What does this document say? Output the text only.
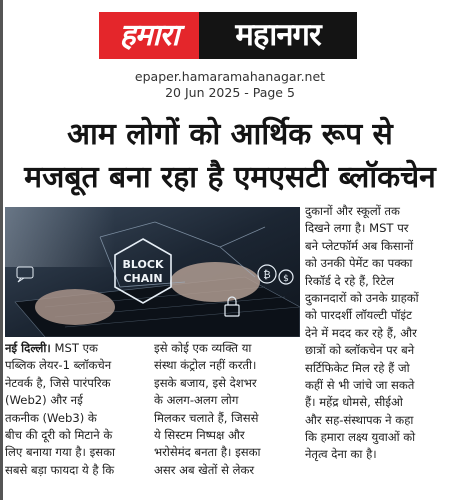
हमारा	महानगर
epaper.hamaramahanagar.net
20 Jun 2025 - Page 5
आम लोगों को आर्थिक रूप से
मजबूत बना रहा है एमएसटी ब्लॉकचेन
BLOCK
CHAIN	₿ $
नई दिल्ली। MST एक
पब्लिक लेयर-1 ब्लॉकचेन
नेटवर्क है, जिसे पारंपरिक
(Web2) और नई
तकनीक (Web3) के
बीच की दूरी को मिटाने के
लिए बनाया गया है। इसका
सबसे बड़ा फायदा ये है कि
इसे कोई एक व्यक्ति या
संस्था कंट्रोल नहीं करती।
इसके बजाय, इसे देशभर
के अलग-अलग लोग
मिलकर चलाते हैं, जिससे
ये सिस्टम निष्पक्ष और
भरोसेमंद बनता है। इसका
असर अब खेतों से लेकर
दुकानों और स्कूलों तक
दिखने लगा है। MST पर
बने प्लेटफॉर्म अब किसानों
को उनकी पेमेंट का पक्का
रिकॉर्ड दे रहे हैं, रिटेल
दुकानदारों को उनके ग्राहकों
को पारदर्शी लॉयल्टी पॉइंट
देने में मदद कर रहे हैं, और
छात्रों को ब्लॉकचेन पर बने
सर्टिफिकेट मिल रहे हैं जो
कहीं से भी जांचे जा सकते
हैं। महेंद्र धोमसे, सीईओ
और सह-संस्थापक ने कहा
कि हमारा लक्ष्य युवाओं को
नेतृत्व देना का है।
